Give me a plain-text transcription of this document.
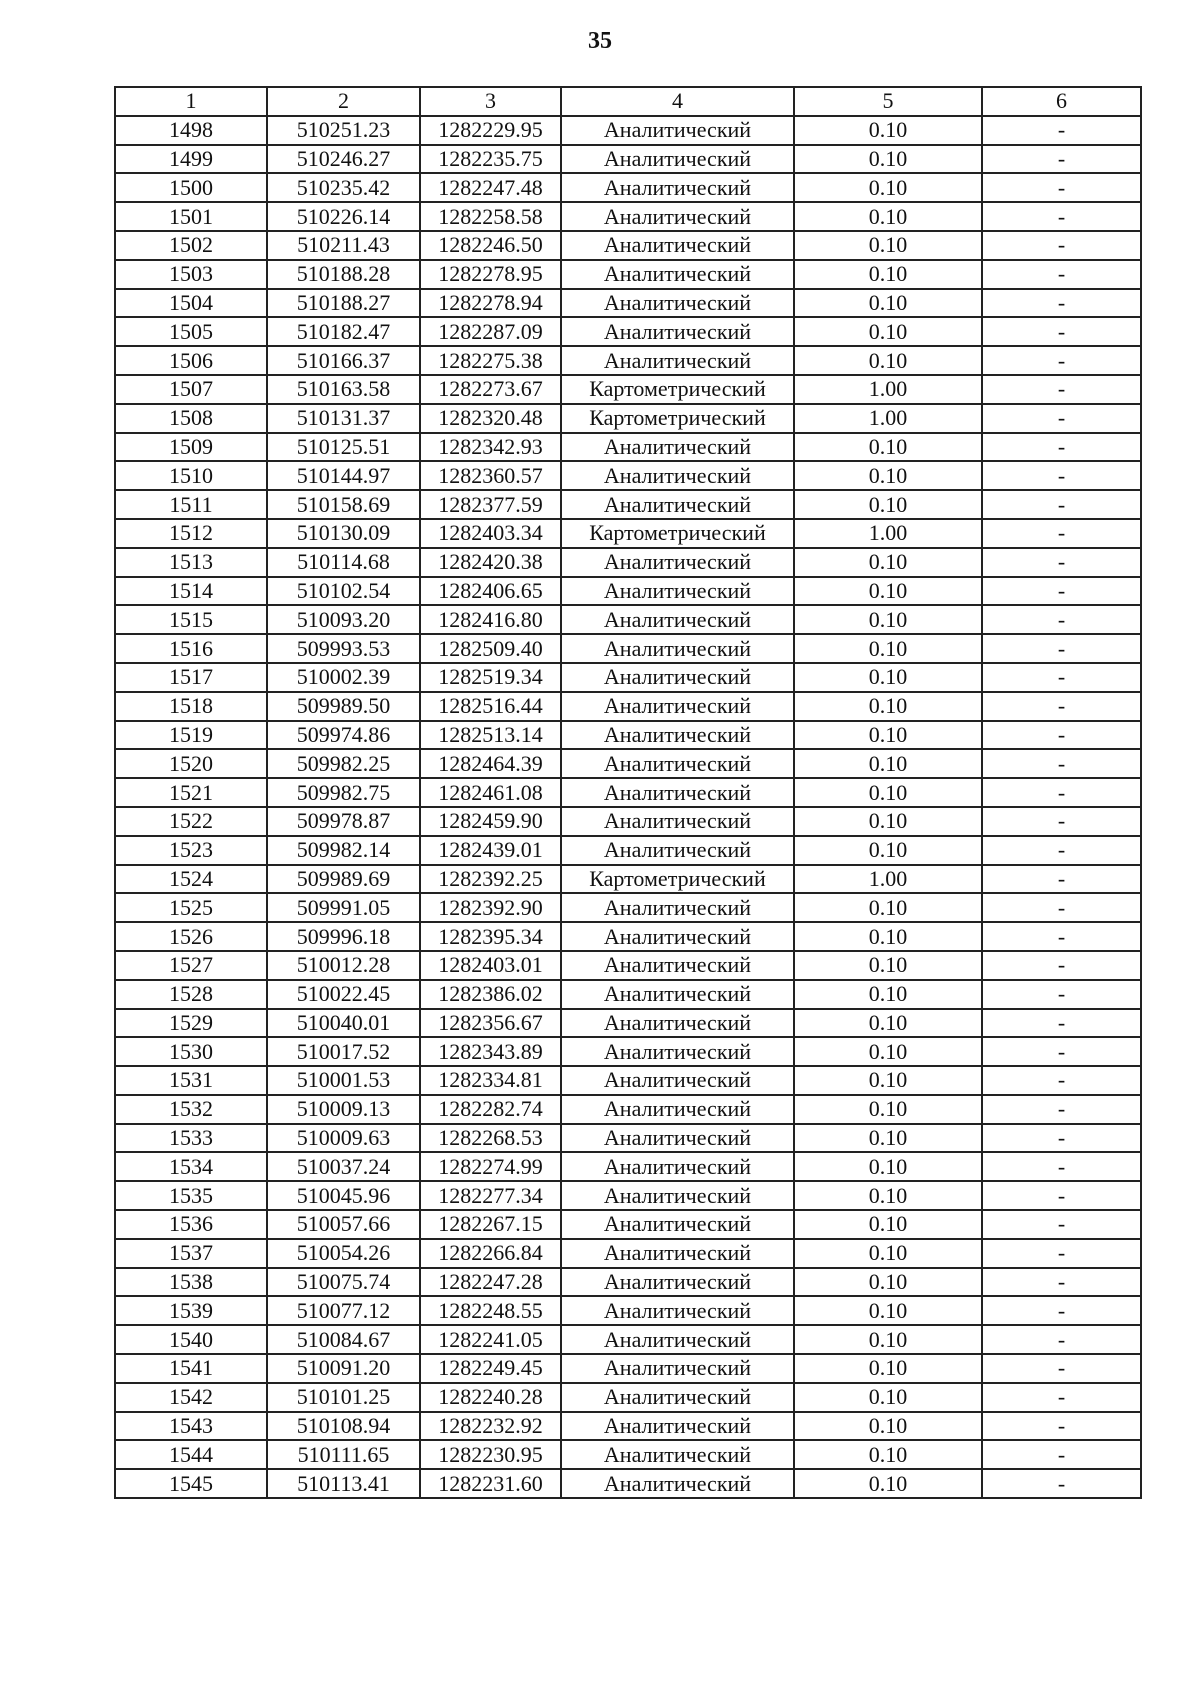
35
1	2	3	4	5	6
1498	510251.23	1282229.95	Аналитический	0.10	-
1499	510246.27	1282235.75	Аналитический	0.10	-
1500	510235.42	1282247.48	Аналитический	0.10	-
1501	510226.14	1282258.58	Аналитический	0.10	-
1502	510211.43	1282246.50	Аналитический	0.10	-
1503	510188.28	1282278.95	Аналитический	0.10	-
1504	510188.27	1282278.94	Аналитический	0.10	-
1505	510182.47	1282287.09	Аналитический	0.10	-
1506	510166.37	1282275.38	Аналитический	0.10	-
1507	510163.58	1282273.67	Картометрический	1.00	-
1508	510131.37	1282320.48	Картометрический	1.00	-
1509	510125.51	1282342.93	Аналитический	0.10	-
1510	510144.97	1282360.57	Аналитический	0.10	-
1511	510158.69	1282377.59	Аналитический	0.10	-
1512	510130.09	1282403.34	Картометрический	1.00	-
1513	510114.68	1282420.38	Аналитический	0.10	-
1514	510102.54	1282406.65	Аналитический	0.10	-
1515	510093.20	1282416.80	Аналитический	0.10	-
1516	509993.53	1282509.40	Аналитический	0.10	-
1517	510002.39	1282519.34	Аналитический	0.10	-
1518	509989.50	1282516.44	Аналитический	0.10	-
1519	509974.86	1282513.14	Аналитический	0.10	-
1520	509982.25	1282464.39	Аналитический	0.10	-
1521	509982.75	1282461.08	Аналитический	0.10	-
1522	509978.87	1282459.90	Аналитический	0.10	-
1523	509982.14	1282439.01	Аналитический	0.10	-
1524	509989.69	1282392.25	Картометрический	1.00	-
1525	509991.05	1282392.90	Аналитический	0.10	-
1526	509996.18	1282395.34	Аналитический	0.10	-
1527	510012.28	1282403.01	Аналитический	0.10	-
1528	510022.45	1282386.02	Аналитический	0.10	-
1529	510040.01	1282356.67	Аналитический	0.10	-
1530	510017.52	1282343.89	Аналитический	0.10	-
1531	510001.53	1282334.81	Аналитический	0.10	-
1532	510009.13	1282282.74	Аналитический	0.10	-
1533	510009.63	1282268.53	Аналитический	0.10	-
1534	510037.24	1282274.99	Аналитический	0.10	-
1535	510045.96	1282277.34	Аналитический	0.10	-
1536	510057.66	1282267.15	Аналитический	0.10	-
1537	510054.26	1282266.84	Аналитический	0.10	-
1538	510075.74	1282247.28	Аналитический	0.10	-
1539	510077.12	1282248.55	Аналитический	0.10	-
1540	510084.67	1282241.05	Аналитический	0.10	-
1541	510091.20	1282249.45	Аналитический	0.10	-
1542	510101.25	1282240.28	Аналитический	0.10	-
1543	510108.94	1282232.92	Аналитический	0.10	-
1544	510111.65	1282230.95	Аналитический	0.10	-
1545	510113.41	1282231.60	Аналитический	0.10	-
